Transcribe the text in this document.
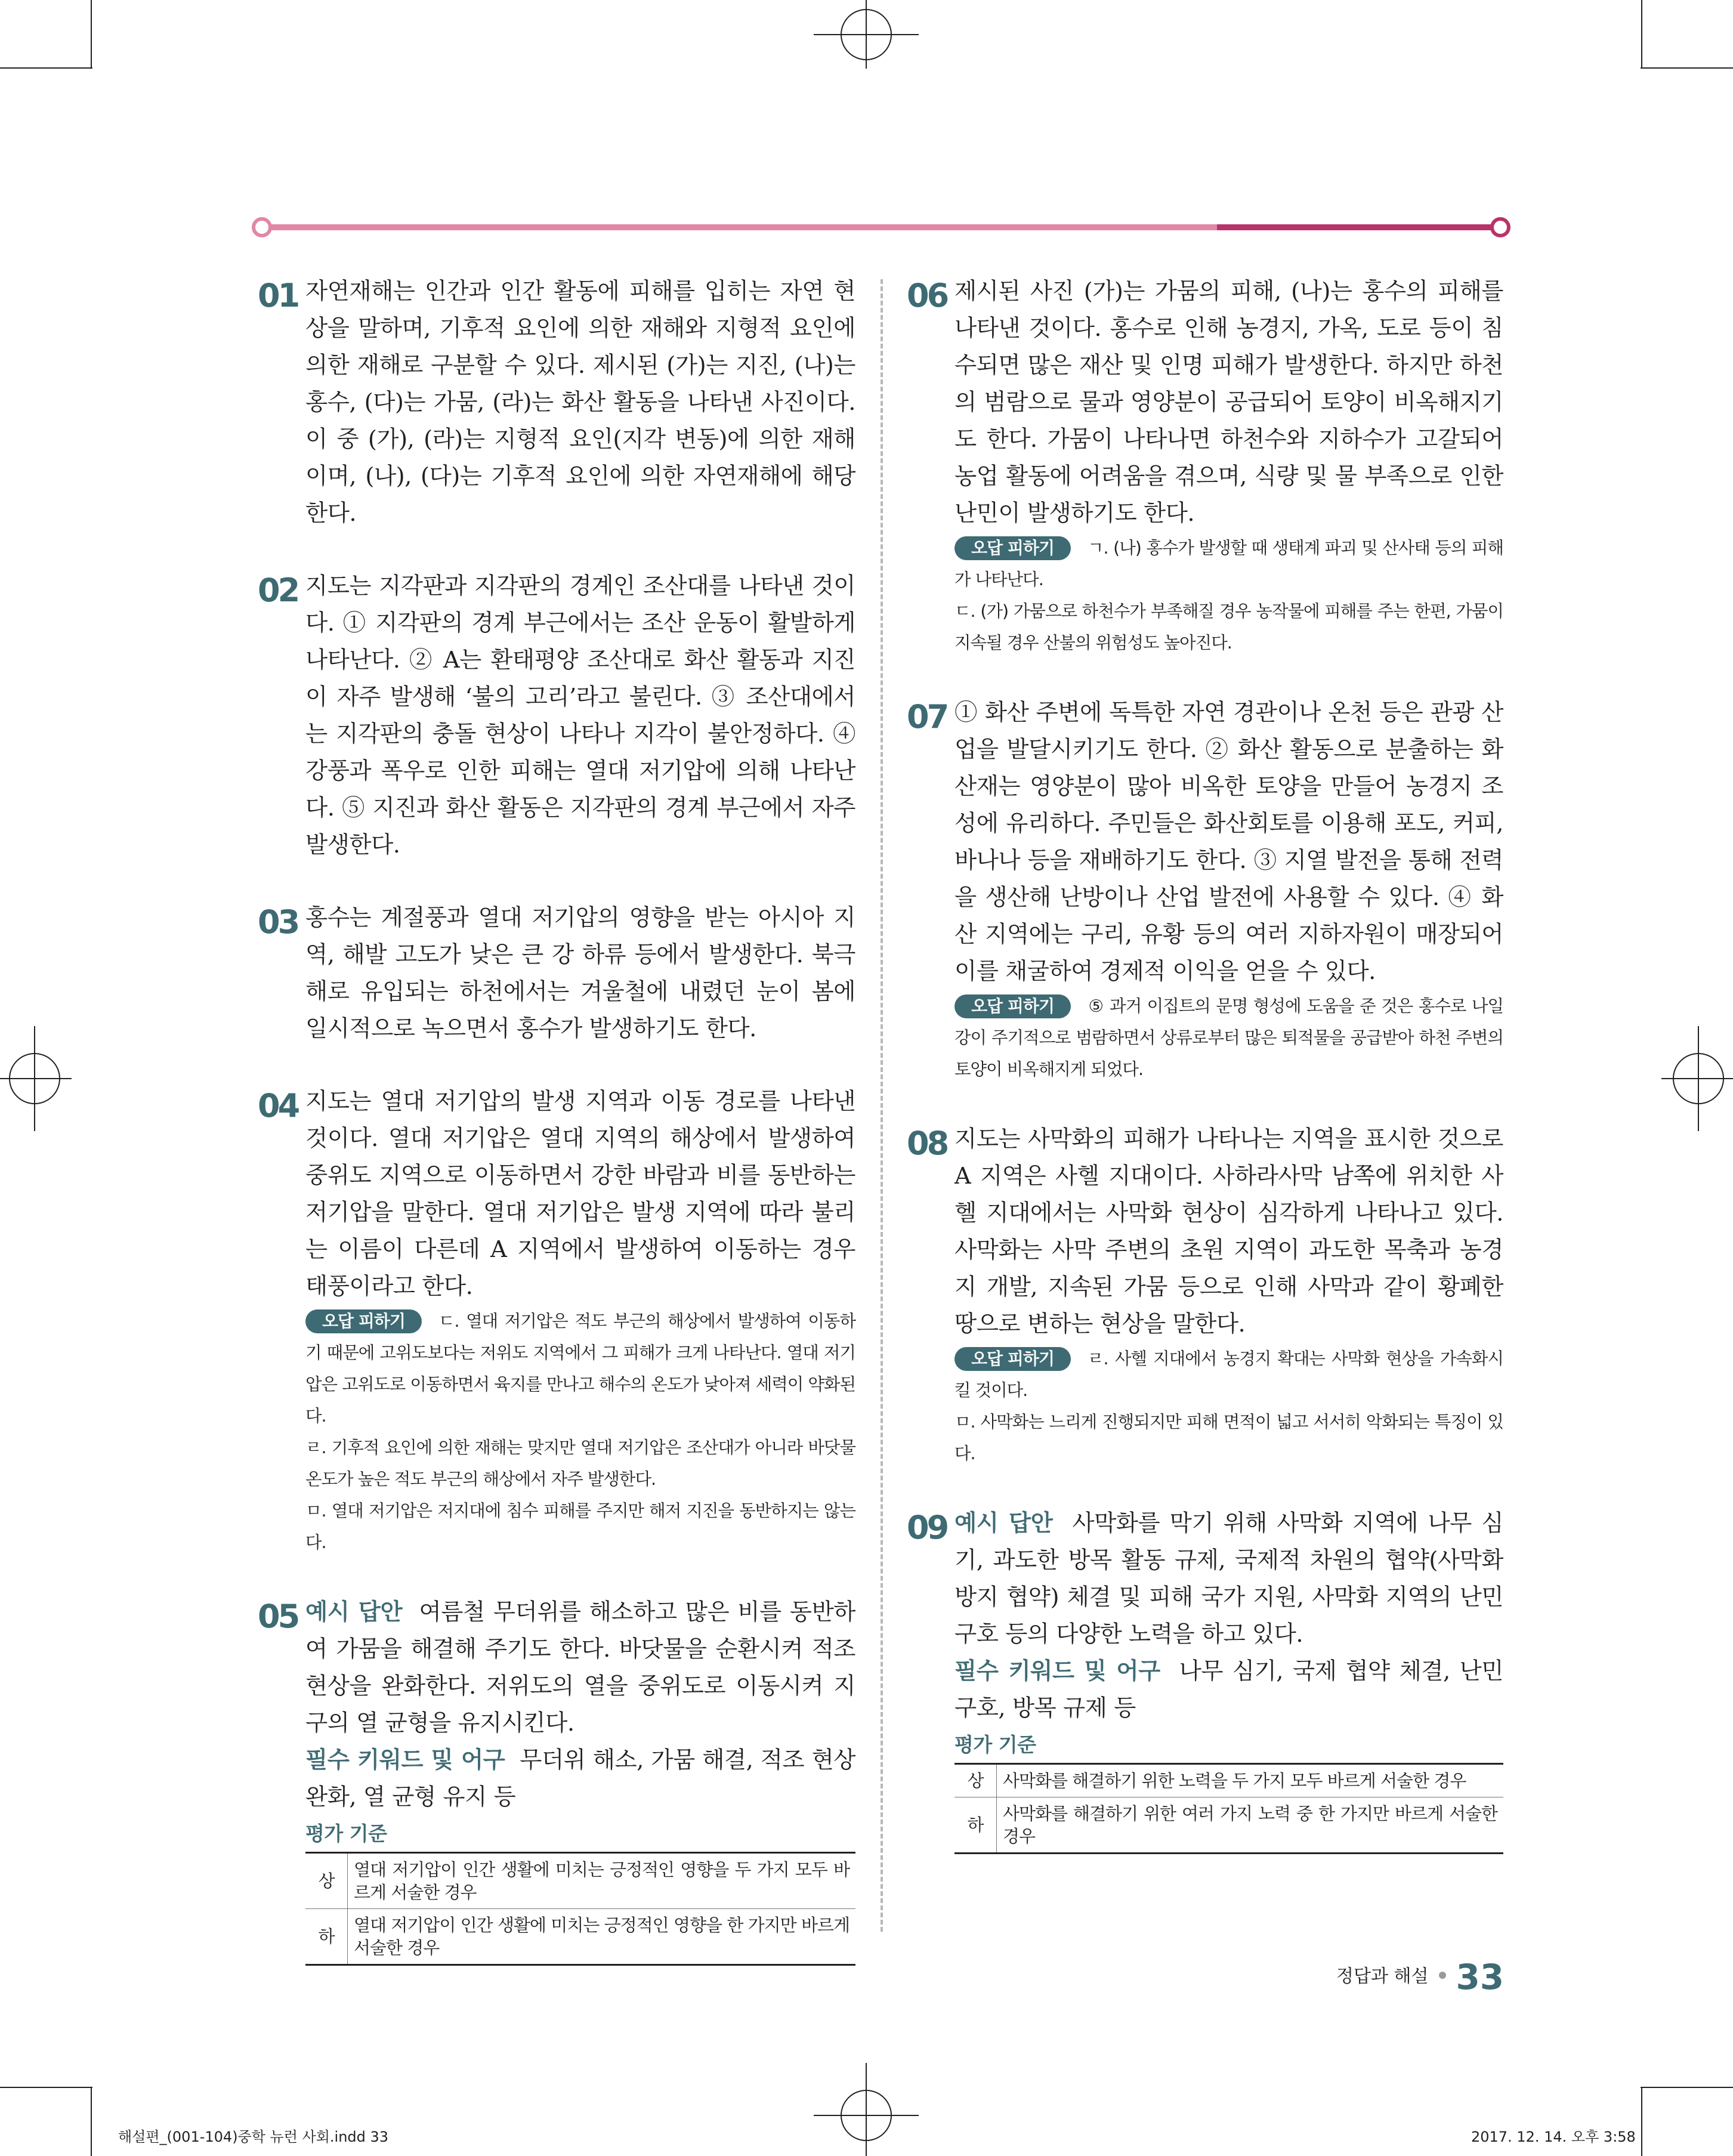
01 자연재해는 인간과 인간 활동에 피해를 입히는 자연 현상을 말하며, 기후적 요인에 의한 재해와 지형적 요인에 의한 재해로 구분할 수 있다. 제시된 (가)는 지진, (나)는 홍수, (다)는 가뭄, (라)는 화산 활동을 나타낸 사진이다. 이 중 (가), (라)는 지형적 요인(지각 변동)에 의한 재해이며, (나), (다)는 기후적 요인에 의한 자연재해에 해당한다.

02 지도는 지각판과 지각판의 경계인 조산대를 나타낸 것이다. ① 지각판의 경계 부근에서는 조산 운동이 활발하게 나타난다. ② A는 환태평양 조산대로 화산 활동과 지진이 자주 발생해 ‘불의 고리’라고 불린다. ③ 조산대에서는 지각판의 충돌 현상이 나타나 지각이 불안정하다. ④ 강풍과 폭우로 인한 피해는 열대 저기압에 의해 나타난다. ⑤ 지진과 화산 활동은 지각판의 경계 부근에서 자주 발생한다.

03 홍수는 계절풍과 열대 저기압의 영향을 받는 아시아 지역, 해발 고도가 낮은 큰 강 하류 등에서 발생한다. 북극해로 유입되는 하천에서는 겨울철에 내렸던 눈이 봄에 일시적으로 녹으면서 홍수가 발생하기도 한다.

04 지도는 열대 저기압의 발생 지역과 이동 경로를 나타낸 것이다. 열대 저기압은 열대 지역의 해상에서 발생하여 중위도 지역으로 이동하면서 강한 바람과 비를 동반하는 저기압을 말한다. 열대 저기압은 발생 지역에 따라 불리는 이름이 다른데 A 지역에서 발생하여 이동하는 경우 태풍이라고 한다.

오답 피하기 ㄷ. 열대 저기압은 적도 부근의 해상에서 발생하여 이동하기 때문에 고위도보다는 저위도 지역에서 그 피해가 크게 나타난다. 열대 저기압은 고위도로 이동하면서 육지를 만나고 해수의 온도가 낮아져 세력이 약화된다.

ㄹ. 기후적 요인에 의한 재해는 맞지만 열대 저기압은 조산대가 아니라 바닷물 온도가 높은 적도 부근의 해상에서 자주 발생한다.

ㅁ. 열대 저기압은 저지대에 침수 피해를 주지만 해저 지진을 동반하지는 않는다.

05 예시 답안 여름철 무더위를 해소하고 많은 비를 동반하여 가뭄을 해결해 주기도 한다. 바닷물을 순환시켜 적조 현상을 완화한다. 저위도의 열을 중위도로 이동시켜 지구의 열 균형을 유지시킨다.

필수 키워드 및 어구 무더위 해소, 가뭄 해결, 적조 현상 완화, 열 균형 유지 등

평가 기준

상	열대 저기압이 인간 생활에 미치는 긍정적인 영향을 두 가지 모두 바르게 서술한 경우
하	열대 저기압이 인간 생활에 미치는 긍정적인 영향을 한 가지만 바르게 서술한 경우
06 제시된 사진 (가)는 가뭄의 피해, (나)는 홍수의 피해를 나타낸 것이다. 홍수로 인해 농경지, 가옥, 도로 등이 침수되면 많은 재산 및 인명 피해가 발생한다. 하지만 하천의 범람으로 물과 영양분이 공급되어 토양이 비옥해지기도 한다. 가뭄이 나타나면 하천수와 지하수가 고갈되어 농업 활동에 어려움을 겪으며, 식량 및 물 부족으로 인한 난민이 발생하기도 한다.

오답 피하기 ㄱ. (나) 홍수가 발생할 때 생태계 파괴 및 산사태 등의 피해가 나타난다.

ㄷ. (가) 가뭄으로 하천수가 부족해질 경우 농작물에 피해를 주는 한편, 가뭄이 지속될 경우 산불의 위험성도 높아진다.

07 ① 화산 주변에 독특한 자연 경관이나 온천 등은 관광 산업을 발달시키기도 한다. ② 화산 활동으로 분출하는 화산재는 영양분이 많아 비옥한 토양을 만들어 농경지 조성에 유리하다. 주민들은 화산회토를 이용해 포도, 커피, 바나나 등을 재배하기도 한다. ③ 지열 발전을 통해 전력을 생산해 난방이나 산업 발전에 사용할 수 있다. ④ 화산 지역에는 구리, 유황 등의 여러 지하자원이 매장되어 이를 채굴하여 경제적 이익을 얻을 수 있다.

오답 피하기 ⑤ 과거 이집트의 문명 형성에 도움을 준 것은 홍수로 나일강이 주기적으로 범람하면서 상류로부터 많은 퇴적물을 공급받아 하천 주변의 토양이 비옥해지게 되었다.

08 지도는 사막화의 피해가 나타나는 지역을 표시한 것으로 A 지역은 사헬 지대이다. 사하라사막 남쪽에 위치한 사헬 지대에서는 사막화 현상이 심각하게 나타나고 있다. 사막화는 사막 주변의 초원 지역이 과도한 목축과 농경지 개발, 지속된 가뭄 등으로 인해 사막과 같이 황폐한 땅으로 변하는 현상을 말한다.

오답 피하기 ㄹ. 사헬 지대에서 농경지 확대는 사막화 현상을 가속화시킬 것이다.

ㅁ. 사막화는 느리게 진행되지만 피해 면적이 넓고 서서히 악화되는 특징이 있다.

09 예시 답안 사막화를 막기 위해 사막화 지역에 나무 심기, 과도한 방목 활동 규제, 국제적 차원의 협약(사막화 방지 협약) 체결 및 피해 국가 지원, 사막화 지역의 난민 구호 등의 다양한 노력을 하고 있다.

필수 키워드 및 어구 나무 심기, 국제 협약 체결, 난민 구호, 방목 규제 등

평가 기준

상	사막화를 해결하기 위한 노력을 두 가지 모두 바르게 서술한 경우
하	사막화를 해결하기 위한 여러 가지 노력 중 한 가지만 바르게 서술한 경우
정답과 해설 33
해설편_(001-104)중학 뉴런 사회.indd 33	2017. 12. 14. 오후 3:58
